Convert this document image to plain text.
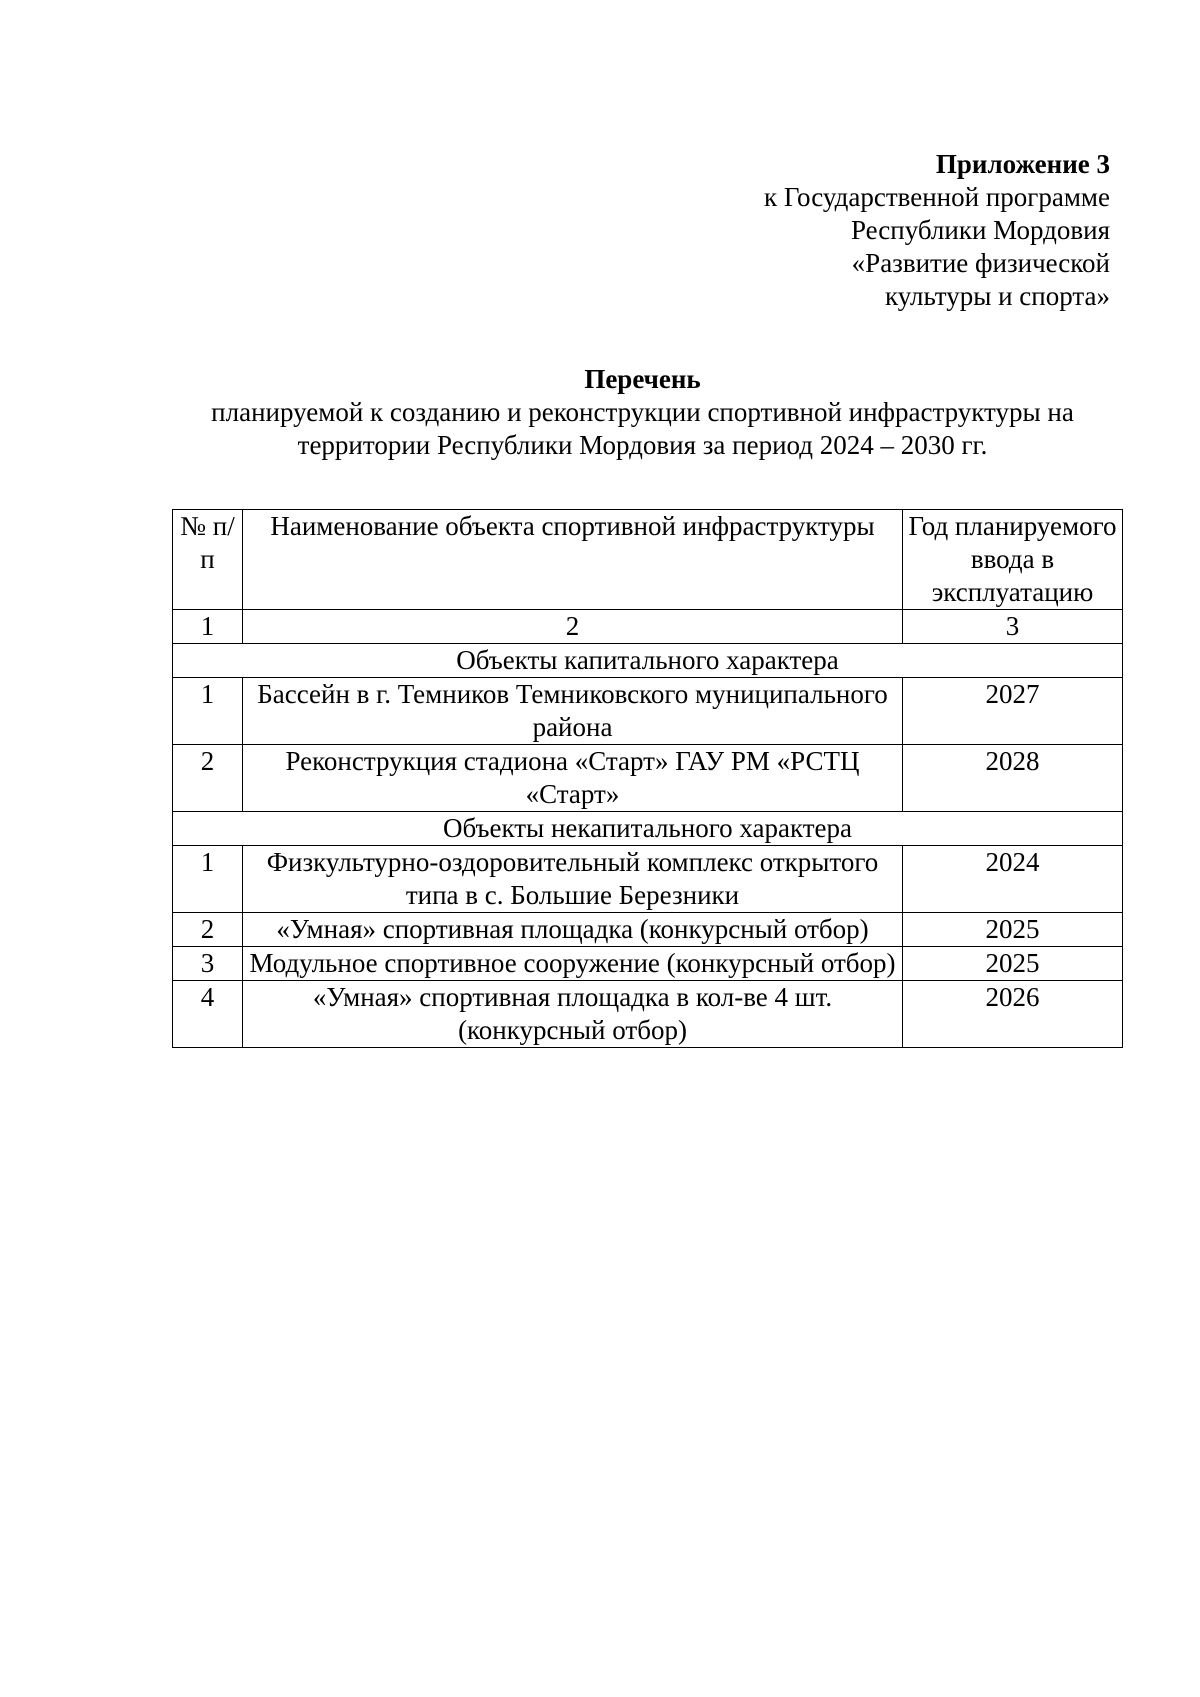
Приложение 3
к Государственной программе
Республики Мордовия
«Развитие физической
культуры и спорта»
Перечень
планируемой к созданию и реконструкции спортивной инфраструктуры на
территории Республики Мордовия за период 2024 – 2030 гг.
№ п/п	Наименование объекта спортивной инфраструктуры	Год планируемого ввода в эксплуатацию
1	2	3
Объекты капитального характера		
1	Бассейн в г. Темников Темниковского муниципального района	2027
2	Реконструкция стадиона «Старт» ГАУ РМ «РСТЦ «Старт»	2028
Объекты некапитального характера		
1	Физкультурно-оздоровительный комплекс открытого типа в с. Большие Березники	2024
2	«Умная» спортивная площадка (конкурсный отбор)	2025
3	Модульное спортивное сооружение (конкурсный отбор)	2025
4	«Умная» спортивная площадка в кол-ве 4 шт. (конкурсный отбор)	2026
